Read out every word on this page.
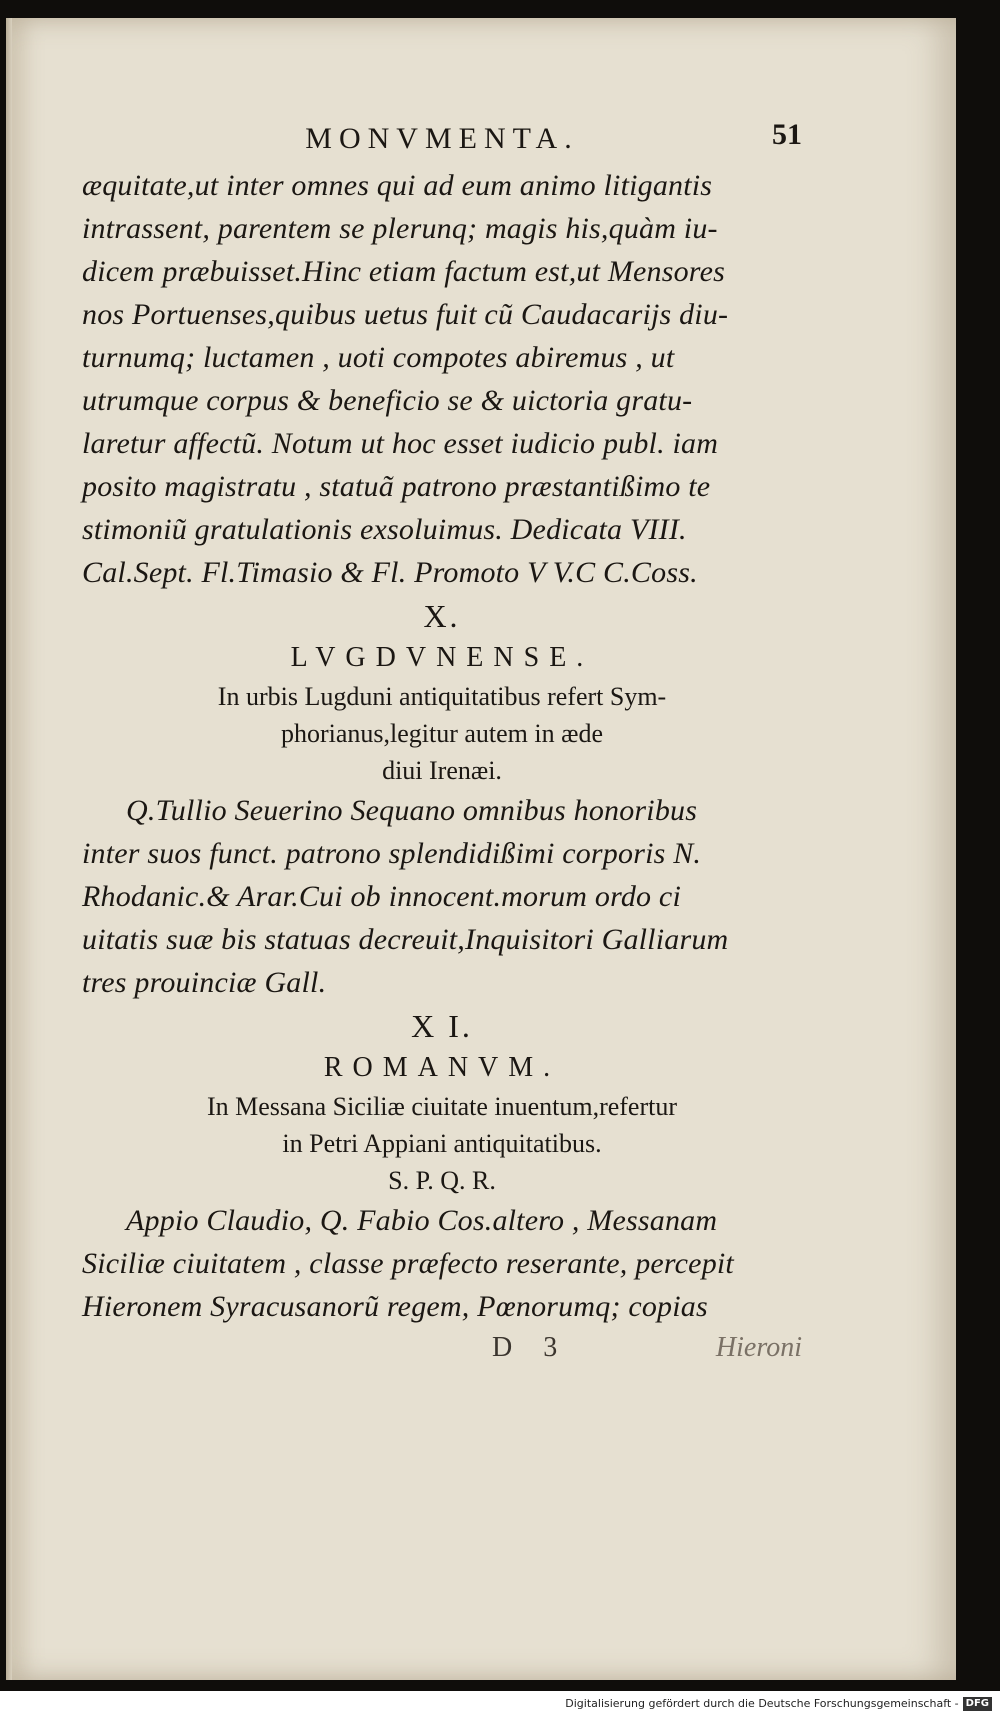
MONVMENTA.	51
æquitate,ut inter omnes qui ad eum animo litigantis
intrassent, parentem se plerunq; magis his,quàm iu-
dicem præbuisset.Hinc etiam factum est,ut Mensores
nos Portuenses,quibus uetus fuit cũ Caudacarijs diu-
turnumq; luctamen , uoti compotes abiremus , ut
utrumque corpus & beneficio se & uictoria gratu-
laretur affectũ. Notum ut hoc esset iudicio publ. iam
posito magistratu , statuã patrono præstantißimo te
stimoniũ gratulationis exsoluimus. Dedicata VIII.
Cal.Sept. Fl.Timasio & Fl. Promoto V V.C C.Coss.
X.
LVGDVNENSE.
In urbis Lugduni antiquitatibus refert Sym-
phorianus,legitur autem in æde
diui Irenæi.
Q.Tullio Seuerino Sequano omnibus honoribus
inter suos funct. patrono splendidißimi corporis N.
Rhodanic.& Arar.Cui ob innocent.morum ordo ci
uitatis suæ bis statuas decreuit,Inquisitori Galliarum
tres prouinciæ Gall.
X I.
ROMANVM.
In Messana Siciliæ ciuitate inuentum,refertur
in Petri Appiani antiquitatibus.
S. P. Q. R.
Appio Claudio, Q. Fabio Cos.altero , Messanam
Siciliæ ciuitatem , classe præfecto reserante, percepit
Hieronem Syracusanorũ regem, Pœnorumq; copias
D 3	Hieroni
Digitalisierung gefördert durch die Deutsche Forschungsgemeinschaft - DFG
